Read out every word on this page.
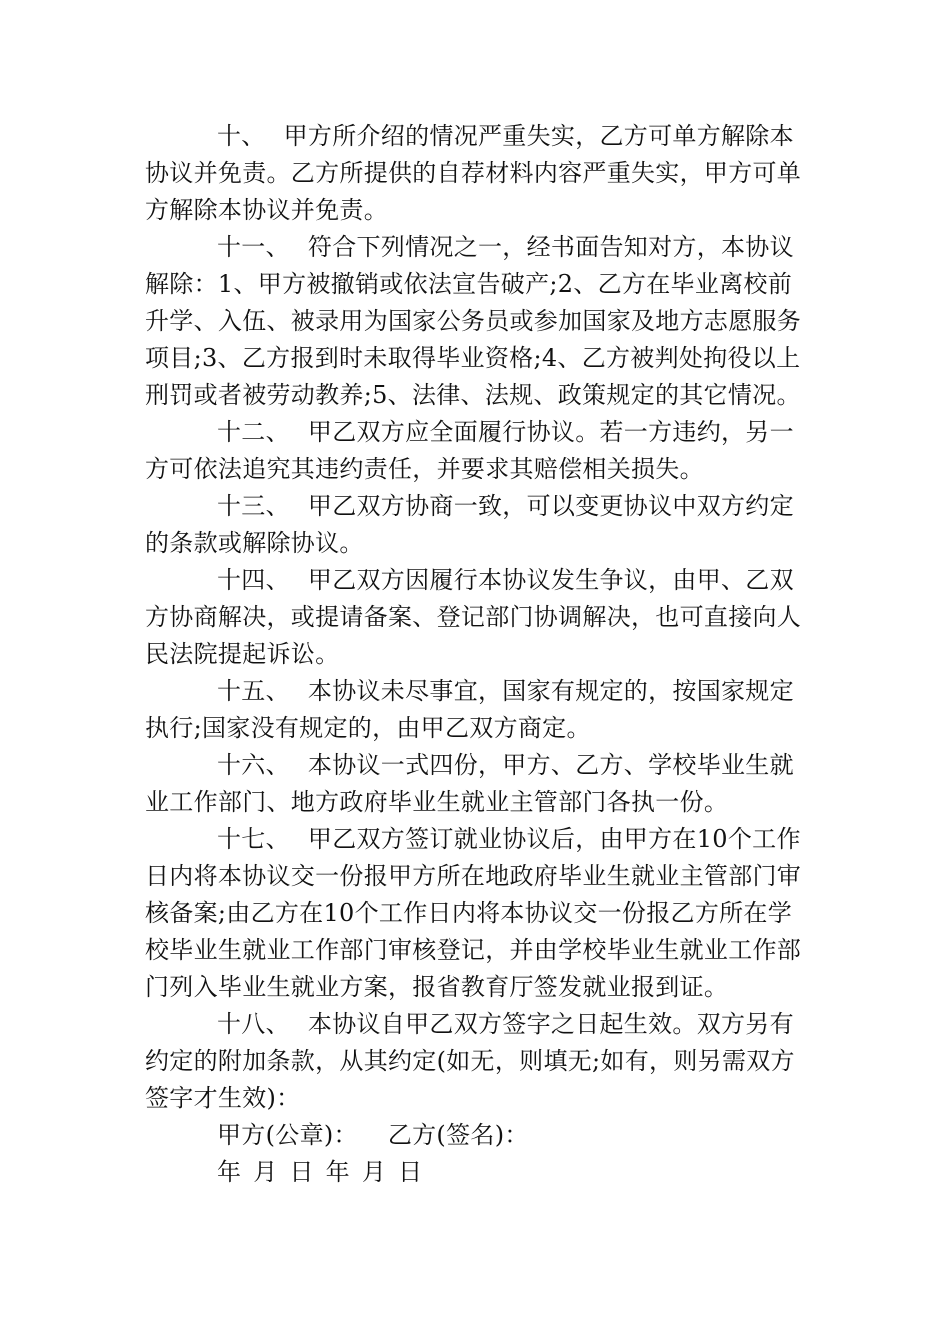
十、 甲方所介绍的情况严重失实，乙方可单方解除本协议并免责。乙方所提供的自荐材料内容严重失实，甲方可单方解除本协议并免责。

十一、 符合下列情况之一，经书面告知对方，本协议解除：1、甲方被撤销或依法宣告破产;2、乙方在毕业离校前升学、入伍、被录用为国家公务员或参加国家及地方志愿服务项目;3、乙方报到时未取得毕业资格;4、乙方被判处拘役以上刑罚或者被劳动教养;5、法律、法规、政策规定的其它情况。

十二、 甲乙双方应全面履行协议。若一方违约，另一方可依法追究其违约责任，并要求其赔偿相关损失。

十三、 甲乙双方协商一致，可以变更协议中双方约定的条款或解除协议。

十四、 甲乙双方因履行本协议发生争议，由甲、乙双方协商解决，或提请备案、登记部门协调解决，也可直接向人民法院提起诉讼。

十五、 本协议未尽事宜，国家有规定的，按国家规定执行;国家没有规定的，由甲乙双方商定。

十六、 本协议一式四份，甲方、乙方、学校毕业生就业工作部门、地方政府毕业生就业主管部门各执一份。

十七、 甲乙双方签订就业协议后，由甲方在10个工作日内将本协议交一份报甲方所在地政府毕业生就业主管部门审核备案;由乙方在10个工作日内将本协议交一份报乙方所在学校毕业生就业工作部门审核登记，并由学校毕业生就业工作部门列入毕业生就业方案，报省教育厅签发就业报到证。

十八、 本协议自甲乙双方签字之日起生效。双方另有约定的附加条款，从其约定(如无，则填无;如有，则另需双方签字才生效)：

甲方(公章)： 乙方(签名)：

年 月 日 年 月 日
